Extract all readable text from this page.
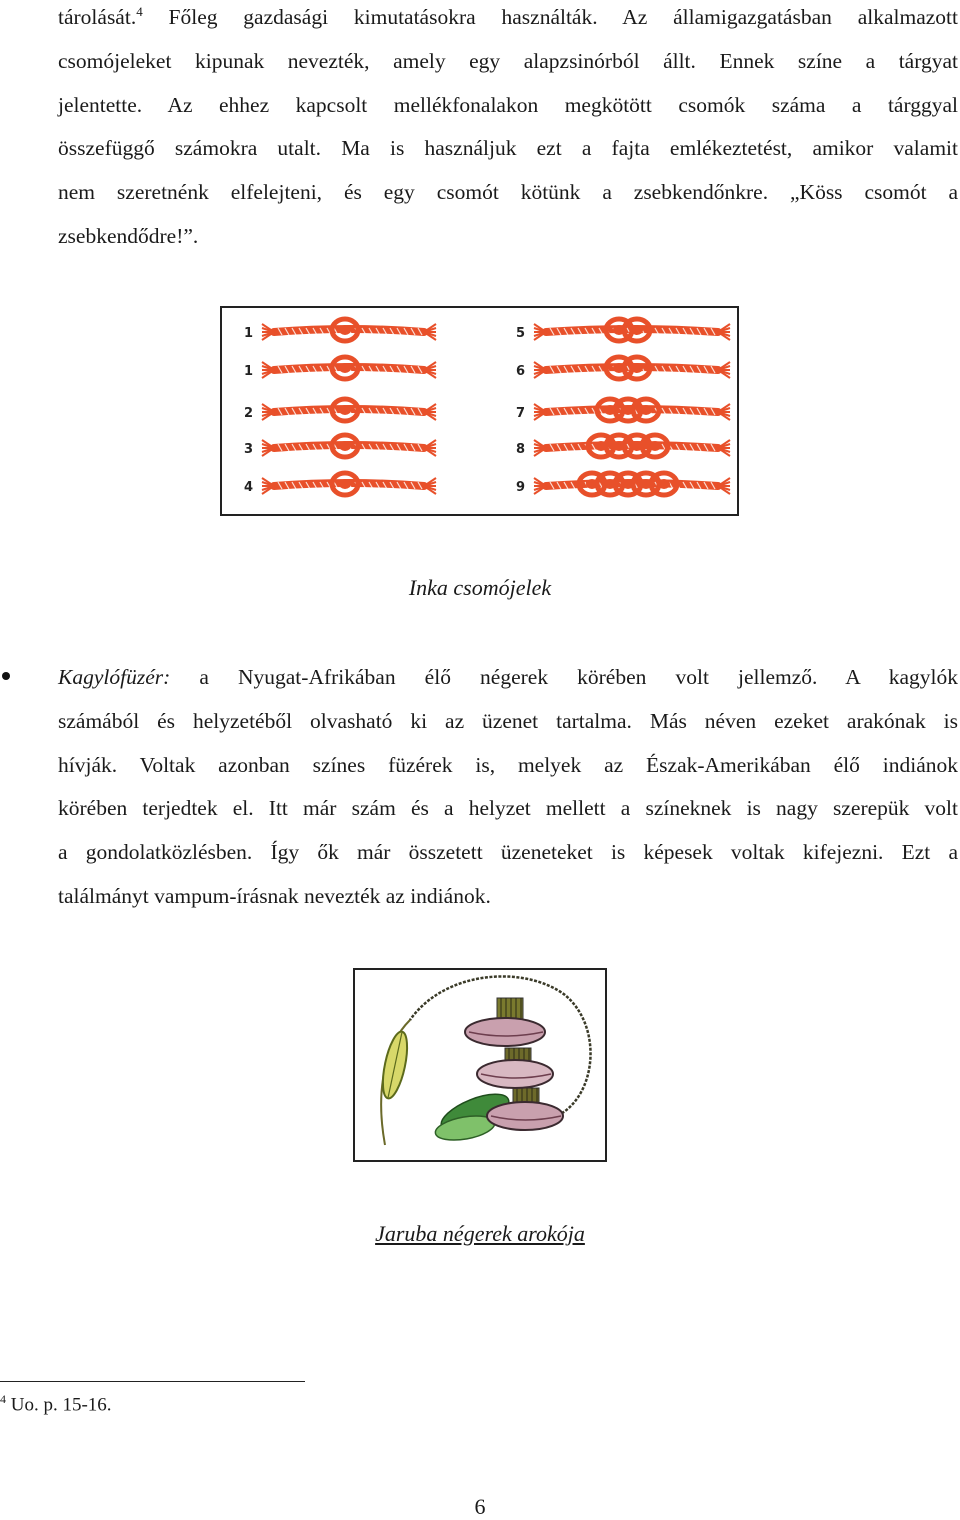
tárolását.$^4$ Főleg gazdasági kimutatásokra használták. Az államigazgatásban alkalmazott
csomójeleket kipunak nevezték, amely egy alapzsinórból állt. Ennek színe a tárgyat
jelentette. Az ehhez kapcsolt mellékfonalakon megkötött csomók száma a tárggyal
összefüggő számokra utalt. Ma is használjuk ezt a fajta emlékeztetést, amikor valamit
nem szeretnénk elfelejteni, és egy csomót kötünk a zsebkendőnkre. „Köss csomót a
zsebkendődre!”.
1	5
1	6
2	7
3	8
4	9
Inka csomójelek
Kagylófüzér: a Nyugat-Afrikában élő négerek körében volt jellemző. A kagylók
számából és helyzetéből olvasható ki az üzenet tartalma. Más néven ezeket arakónak is
hívják. Voltak azonban színes füzérek is, melyek az Észak-Amerikában élő indiánok
körében terjedtek el. Itt már szám és a helyzet mellett a színeknek is nagy szerepük volt
a gondolatközlésben. Így ők már összetett üzeneteket is képesek voltak kifejezni. Ezt a
találmányt vampum-írásnak nevezték az indiánok.
Jaruba négerek arokója
$^4$ Uo. p. 15-16.
6
